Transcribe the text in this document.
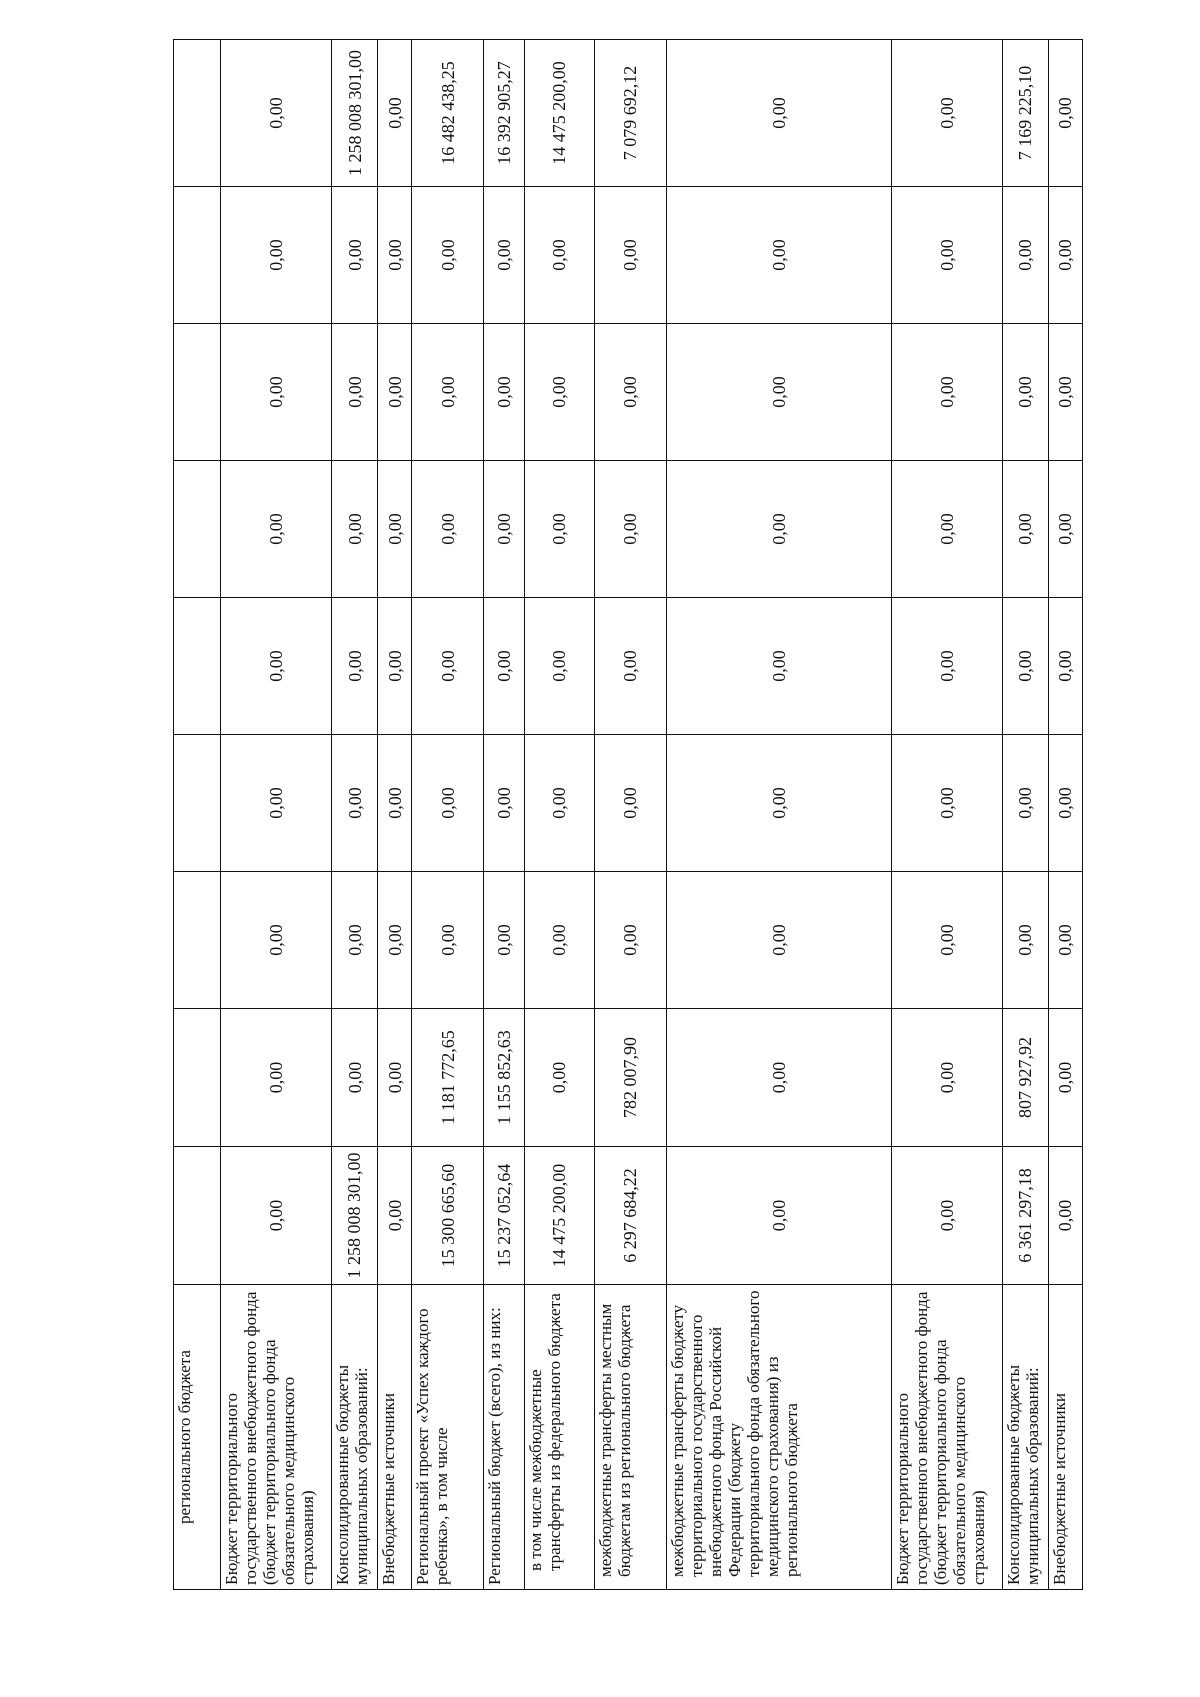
регионального бюджета									
Бюджет территориального государственного внебюджетного фонда (бюджет территориального фонда обязательного медицинского страхования)	0,00	0,00	0,00	0,00	0,00	0,00	0,00	0,00	0,00
Консолидированные бюджеты муниципальных образований:	1 258 008 301,00	0,00	0,00	0,00	0,00	0,00	0,00	0,00	1 258 008 301,00
Внебюджетные источники	0,00	0,00	0,00	0,00	0,00	0,00	0,00	0,00	0,00
Региональный проект «Успех каждого ребенка», в том числе	15 300 665,60	1 181 772,65	0,00	0,00	0,00	0,00	0,00	0,00	16 482 438,25
Региональный бюджет (всего), из них:	15 237 052,64	1 155 852,63	0,00	0,00	0,00	0,00	0,00	0,00	16 392 905,27
в том числе межбюджетные трансферты из федерального бюджета	14 475 200,00	0,00	0,00	0,00	0,00	0,00	0,00	0,00	14 475 200,00
межбюджетные трансферты местным бюджетам из регионального бюджета	6 297 684,22	782 007,90	0,00	0,00	0,00	0,00	0,00	0,00	7 079 692,12
межбюджетные трансферты бюджету территориального государственного внебюджетного фонда Российской Федерации (бюджету территориального фонда обязательного медицинского страхования) из регионального бюджета	0,00	0,00	0,00	0,00	0,00	0,00	0,00	0,00	0,00
Бюджет территориального государственного внебюджетного фонда (бюджет территориального фонда обязательного медицинского страхования)	0,00	0,00	0,00	0,00	0,00	0,00	0,00	0,00	0,00
Консолидированные бюджеты муниципальных образований:	6 361 297,18	807 927,92	0,00	0,00	0,00	0,00	0,00	0,00	7 169 225,10
Внебюджетные источники	0,00	0,00	0,00	0,00	0,00	0,00	0,00	0,00	0,00
